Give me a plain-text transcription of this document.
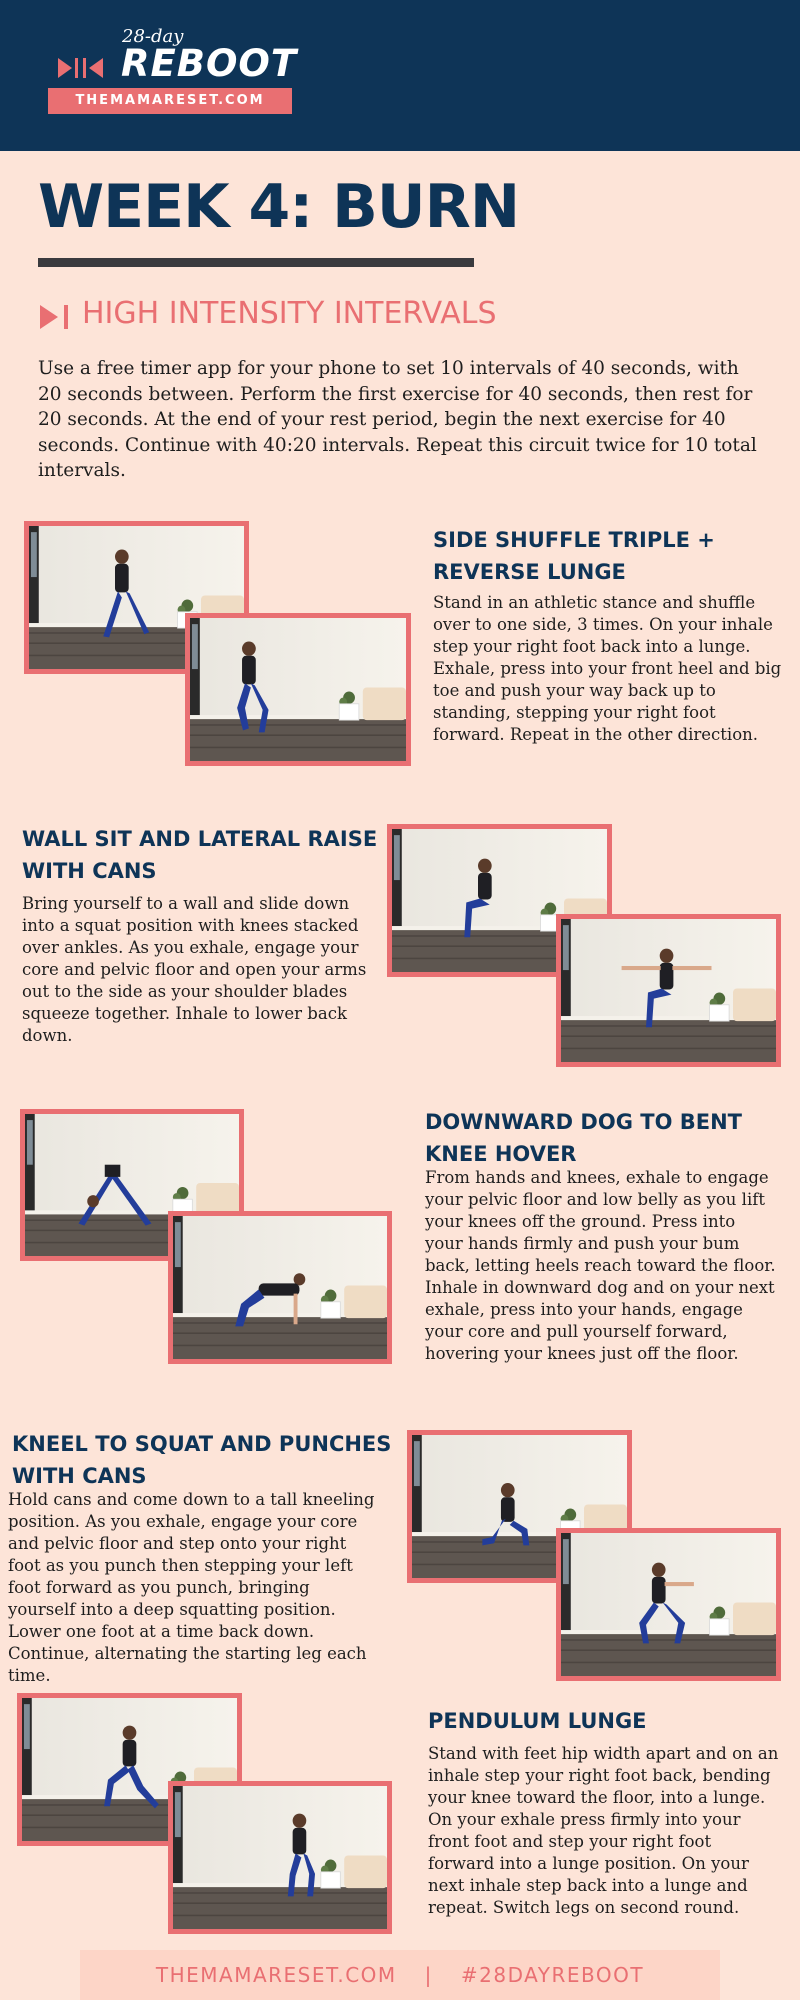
28-day
REBOOT
THEMAMARESET.COM
WEEK 4: BURN
HIGH INTENSITY INTERVALS

Use a free timer app for your phone to set 10 intervals of 40 seconds, with 20 seconds between. Perform the first exercise for 40 seconds, then rest for 20 seconds. At the end of your rest period, begin the next exercise for 40 seconds. Continue with 40:20 intervals. Repeat this circuit twice for 10 total intervals.

SIDE SHUFFLE TRIPLE +
REVERSE LUNGE

Stand in an athletic stance and shuffle over to one side, 3 times. On your inhale step your right foot back into a lunge. Exhale, press into your front heel and big toe and push your way back up to standing, stepping your right foot forward. Repeat in the other direction.

WALL SIT AND LATERAL RAISE
WITH CANS

Bring yourself to a wall and slide down into a squat position with knees stacked over ankles. As you exhale, engage your core and pelvic floor and open your arms out to the side as your shoulder blades squeeze together. Inhale to lower back down.

DOWNWARD DOG TO BENT
KNEE HOVER

From hands and knees, exhale to engage your pelvic floor and low belly as you lift your knees off the ground. Press into your hands firmly and push your bum back, letting heels reach toward the floor. Inhale in downward dog and on your next exhale, press into your hands, engage your core and pull yourself forward, hovering your knees just off the floor.

KNEEL TO SQUAT AND PUNCHES
WITH CANS

Hold cans and come down to a tall kneeling position. As you exhale, engage your core and pelvic floor and step onto your right foot as you punch then stepping your left foot forward as you punch, bringing yourself into a deep squatting position. Lower one foot at a time back down. Continue, alternating the starting leg each time.

PENDULUM LUNGE

Stand with feet hip width apart and on an inhale step your right foot back, bending your knee toward the floor, into a lunge. On your exhale press firmly into your front foot and step your right foot forward into a lunge position. On your next inhale step back into a lunge and repeat. Switch legs on second round.

THEMAMARESET.COM | #28DAYREBOOT
